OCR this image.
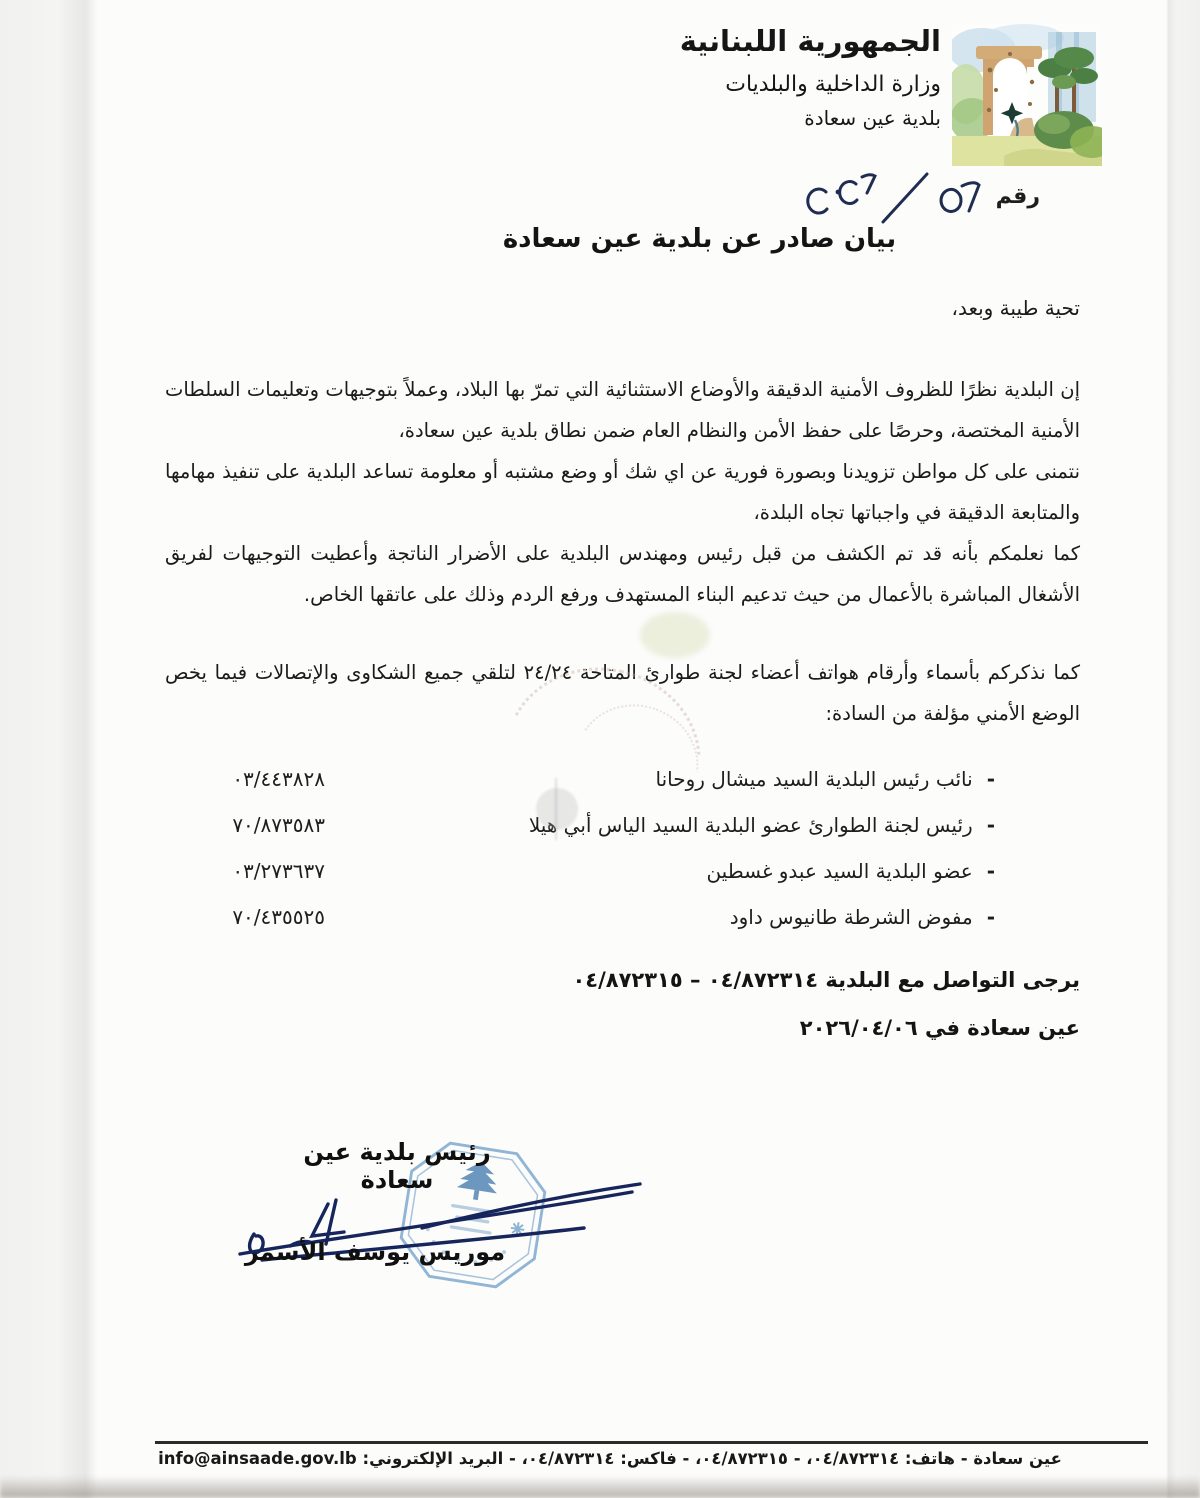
الجمهورية اللبنانية
وزارة الداخلية والبلديات
بلدية عين سعادة
رقم
بيان صادر عن بلدية عين سعادة
تحية طيبة وبعد،

إن البلدية نظرًا للظروف الأمنية الدقيقة والأوضاع الاستثنائية التي تمرّ بها البلاد، وعملاً بتوجيهات وتعليمات السلطات الأمنية المختصة، وحرصًا على حفظ الأمن والنظام العام ضمن نطاق بلدية عين سعادة،

نتمنى على كل مواطن تزويدنا وبصورة فورية عن اي شك أو وضع مشتبه أو معلومة تساعد البلدية على تنفيذ مهامها والمتابعة الدقيقة في واجباتها تجاه البلدة،

كما نعلمكم بأنه قد تم الكشف من قبل رئيس ومهندس البلدية على الأضرار الناتجة وأعطيت التوجيهات لفريق الأشغال المباشرة بالأعمال من حيث تدعيم البناء المستهدف ورفع الردم وذلك على عاتقها الخاص.

كما نذكركم بأسماء وأرقام هواتف أعضاء لجنة طوارئ المتاحة ٢٤/٢٤ لتلقي جميع الشكاوى والإتصالات فيما يخص الوضع الأمني مؤلفة من السادة:

-نائب رئيس البلدية السيد ميشال روحانا
٠٣/٤٤٣٨٢٨
-رئيس لجنة الطوارئ عضو البلدية السيد الياس أبي هيلا
٧٠/٨٧٣٥٨٣
-عضو البلدية السيد عبدو غسطين
٠٣/٢٧٣٦٣٧
-مفوض الشرطة طانيوس داود
٧٠/٤٣٥٥٢٥
يرجى التواصل مع البلدية ٠٤/٨٧٢٣١٤ – ٠٤/٨٧٢٣١٥
عين سعادة في ٢٠٢٦/٠٤/٠٦
رئيس بلدية عين سعادة
موريس يوسف الأسمر
عين سعادة - هاتف: ٠٤/٨٧٢٣١٤، - ٠٤/٨٧٢٣١٥، - فاكس: ٠٤/٨٧٢٣١٤، - البريد الإلكتروني: info@ainsaade.gov.lb
